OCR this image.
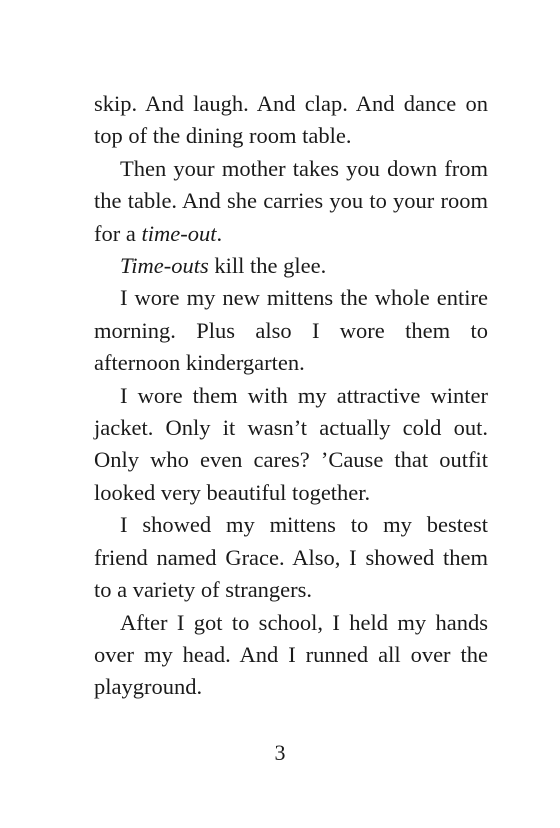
skip. And laugh. And clap. And dance on top of the dining room table.

Then your mother takes you down from the table. And she carries you to your room for a time-out.

Time-outs kill the glee.

I wore my new mittens the whole entire morning. Plus also I wore them to afternoon kindergarten.

I wore them with my attractive winter jacket. Only it wasn’t actually cold out. Only who even cares? ’Cause that outfit looked very beautiful together.

I showed my mittens to my bestest friend named Grace. Also, I showed them to a variety of strangers.

After I got to school, I held my hands over my head. And I runned all over the playground.

3
